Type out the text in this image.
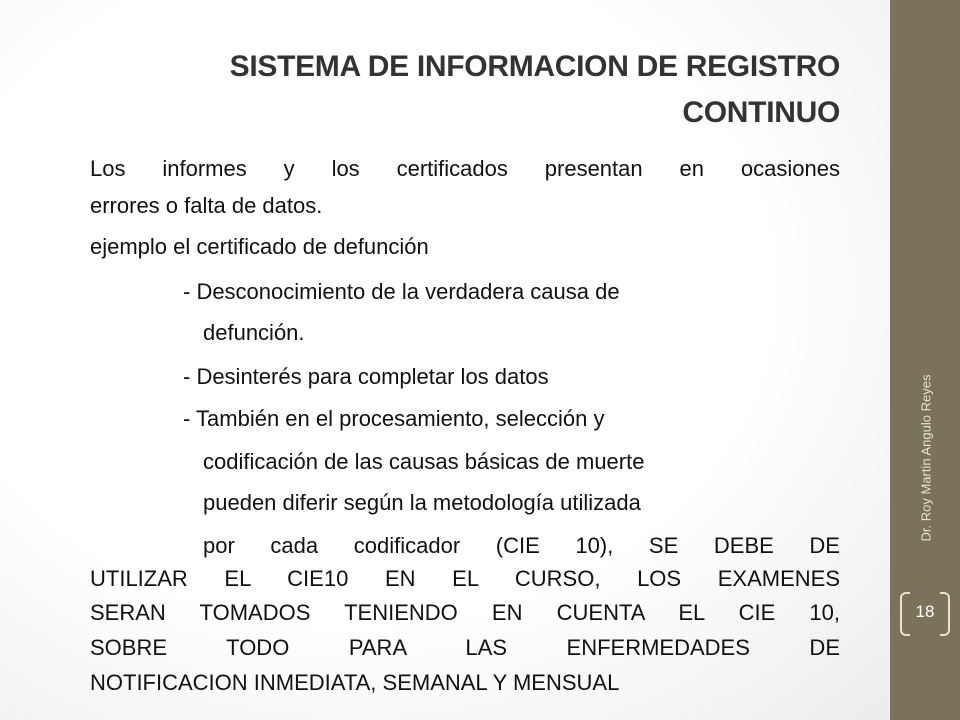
SISTEMA DE INFORMACION DE REGISTRO
CONTINUO
Los informes y los certificados presentan en ocasiones
errores o falta de datos.
ejemplo el certificado de defunción
- Desconocimiento de la verdadera causa de
defunción.
- Desinterés para completar los datos
- También en el procesamiento, selección y
codificación de las causas básicas de muerte
pueden diferir según la metodología utilizada
por cada codificador (CIE 10), SE DEBE DE
UTILIZAR EL CIE10 EN EL CURSO, LOS EXAMENES
SERAN TOMADOS TENIENDO EN CUENTA EL CIE 10,
SOBRE TODO PARA LAS ENFERMEDADES DE
NOTIFICACION INMEDIATA, SEMANAL Y MENSUAL
Dr. Roy Martin Angulo Reyes
18
